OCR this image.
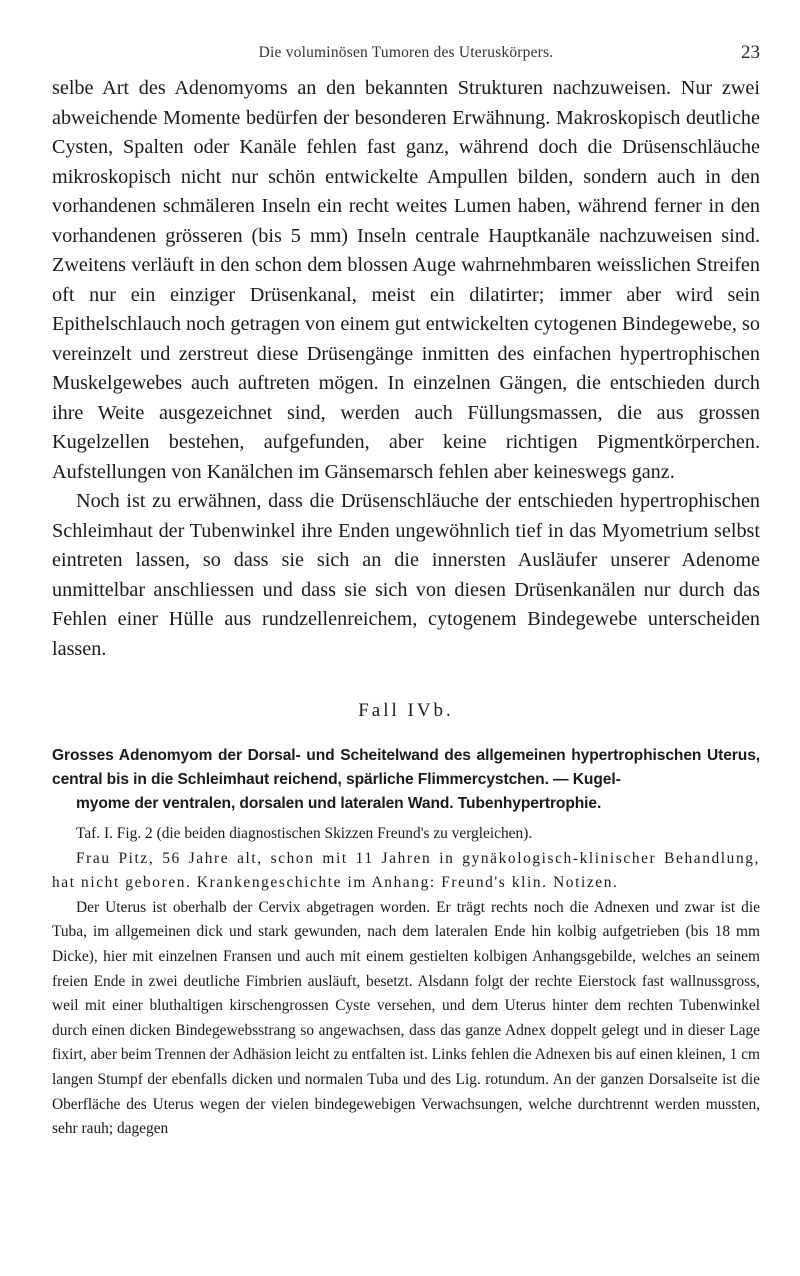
Die voluminösen Tumoren des Uteruskörpers.	23

selbe Art des Adenomyoms an den bekannten Strukturen nachzuweisen. Nur zwei abweichende Momente bedürfen der besonderen Erwähnung. Makroskopisch deutliche Cysten, Spalten oder Kanäle fehlen fast ganz, während doch die Drüsenschläuche mikroskopisch nicht nur schön entwickelte Ampullen bilden, sondern auch in den vorhandenen schmäleren Inseln ein recht weites Lumen haben, während ferner in den vorhandenen grösseren (bis 5 mm) Inseln centrale Hauptkanäle nachzuweisen sind. Zweitens verläuft in den schon dem blossen Auge wahrnehmbaren weisslichen Streifen oft nur ein einziger Drüsenkanal, meist ein dilatirter; immer aber wird sein Epithelschlauch noch getragen von einem gut entwickelten cytogenen Bindegewebe, so vereinzelt und zerstreut diese Drüsengänge inmitten des einfachen hypertrophischen Muskelgewebes auch auftreten mögen. In einzelnen Gängen, die entschieden durch ihre Weite ausgezeichnet sind, werden auch Füllungsmassen, die aus grossen Kugelzellen bestehen, aufgefunden, aber keine richtigen Pigmentkörperchen. Aufstellungen von Kanälchen im Gänsemarsch fehlen aber keineswegs ganz.

Noch ist zu erwähnen, dass die Drüsenschläuche der entschieden hypertrophischen Schleimhaut der Tubenwinkel ihre Enden ungewöhnlich tief in das Myometrium selbst eintreten lassen, so dass sie sich an die innersten Ausläufer unserer Adenome unmittelbar anschliessen und dass sie sich von diesen Drüsenkanälen nur durch das Fehlen einer Hülle aus rundzellenreichem, cytogenem Bindegewebe unterscheiden lassen.

Fall IVb.

Grosses Adenomyom der Dorsal- und Scheitelwand des allgemeinen hypertrophischen Uterus, central bis in die Schleimhaut reichend, spärliche Flimmercystchen. — Kugel-
myome der ventralen, dorsalen und lateralen Wand. Tubenhypertrophie.

Taf. I. Fig. 2 (die beiden diagnostischen Skizzen Freund's zu vergleichen).

Frau Pitz, 56 Jahre alt, schon mit 11 Jahren in gynäkologisch-klinischer Behandlung, hat nicht geboren. Krankengeschichte im Anhang: Freund's klin. Notizen.

Der Uterus ist oberhalb der Cervix abgetragen worden. Er trägt rechts noch die Adnexen und zwar ist die Tuba, im allgemeinen dick und stark gewunden, nach dem lateralen Ende hin kolbig aufgetrieben (bis 18 mm Dicke), hier mit einzelnen Fransen und auch mit einem gestielten kolbigen Anhangsgebilde, welches an seinem freien Ende in zwei deutliche Fimbrien ausläuft, besetzt. Alsdann folgt der rechte Eierstock fast wallnussgross, weil mit einer bluthaltigen kirschengrossen Cyste versehen, und dem Uterus hinter dem rechten Tubenwinkel durch einen dicken Bindegewebsstrang so angewachsen, dass das ganze Adnex doppelt gelegt und in dieser Lage fixirt, aber beim Trennen der Adhäsion leicht zu entfalten ist. Links fehlen die Adnexen bis auf einen kleinen, 1 cm langen Stumpf der ebenfalls dicken und normalen Tuba und des Lig. rotundum. An der ganzen Dorsalseite ist die Oberfläche des Uterus wegen der vielen bindegewebigen Verwachsungen, welche durchtrennt werden mussten, sehr rauh; dagegen
